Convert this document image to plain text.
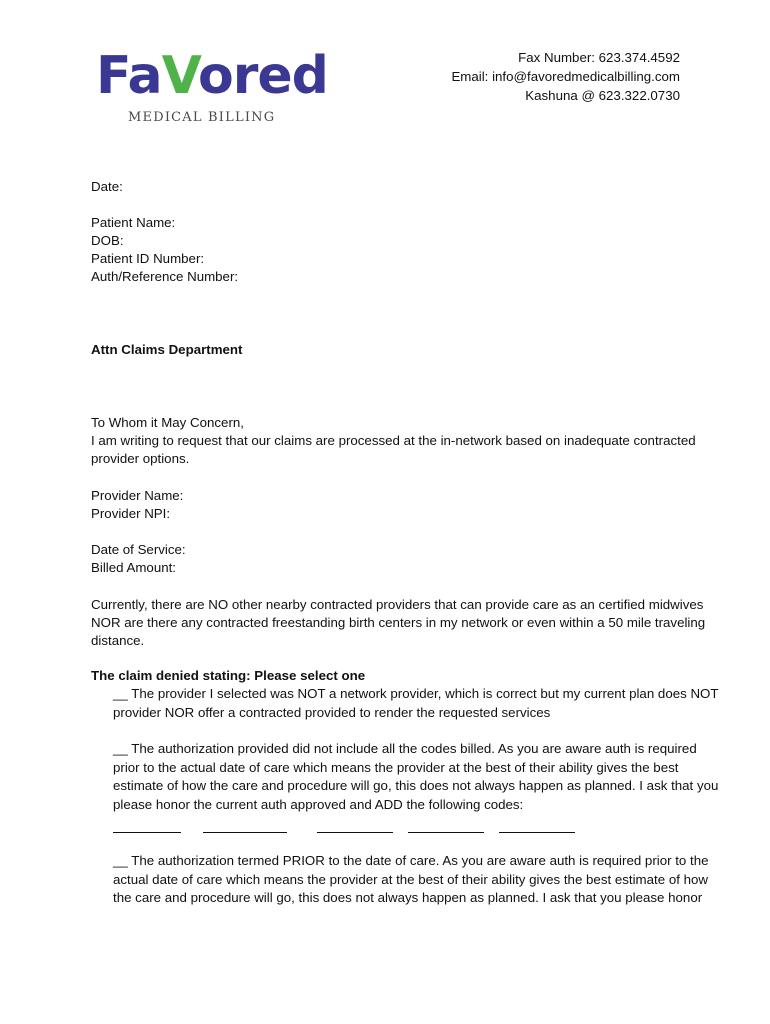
FaVored
MEDICAL BILLING
Fax Number: 623.374.4592
Email: info@favoredmedicalbilling.com
Kashuna @ 623.322.0730
Date:
Patient Name:
DOB:
Patient ID Number:
Auth/Reference Number:
Attn Claims Department
To Whom it May Concern,
I am writing to request that our claims are processed at the in-network based on inadequate contracted
provider options.
Provider Name:
Provider NPI:
Date of Service:
Billed Amount:
Currently, there are NO other nearby contracted providers that can provide care as an certified midwives
NOR are there any contracted freestanding birth centers in my network or even within a 50 mile traveling
distance.
The claim denied stating: Please select one
__ The provider I selected was NOT a network provider, which is correct but my current plan does NOT
provider NOR offer a contracted provided to render the requested services
__ The authorization provided did not include all the codes billed. As you are aware auth is required
prior to the actual date of care which means the provider at the best of their ability gives the best
estimate of how the care and procedure will go, this does not always happen as planned. I ask that you
please honor the current auth approved and ADD the following codes:
__ The authorization termed PRIOR to the date of care. As you are aware auth is required prior to the
actual date of care which means the provider at the best of their ability gives the best estimate of how
the care and procedure will go, this does not always happen as planned. I ask that you please honor
